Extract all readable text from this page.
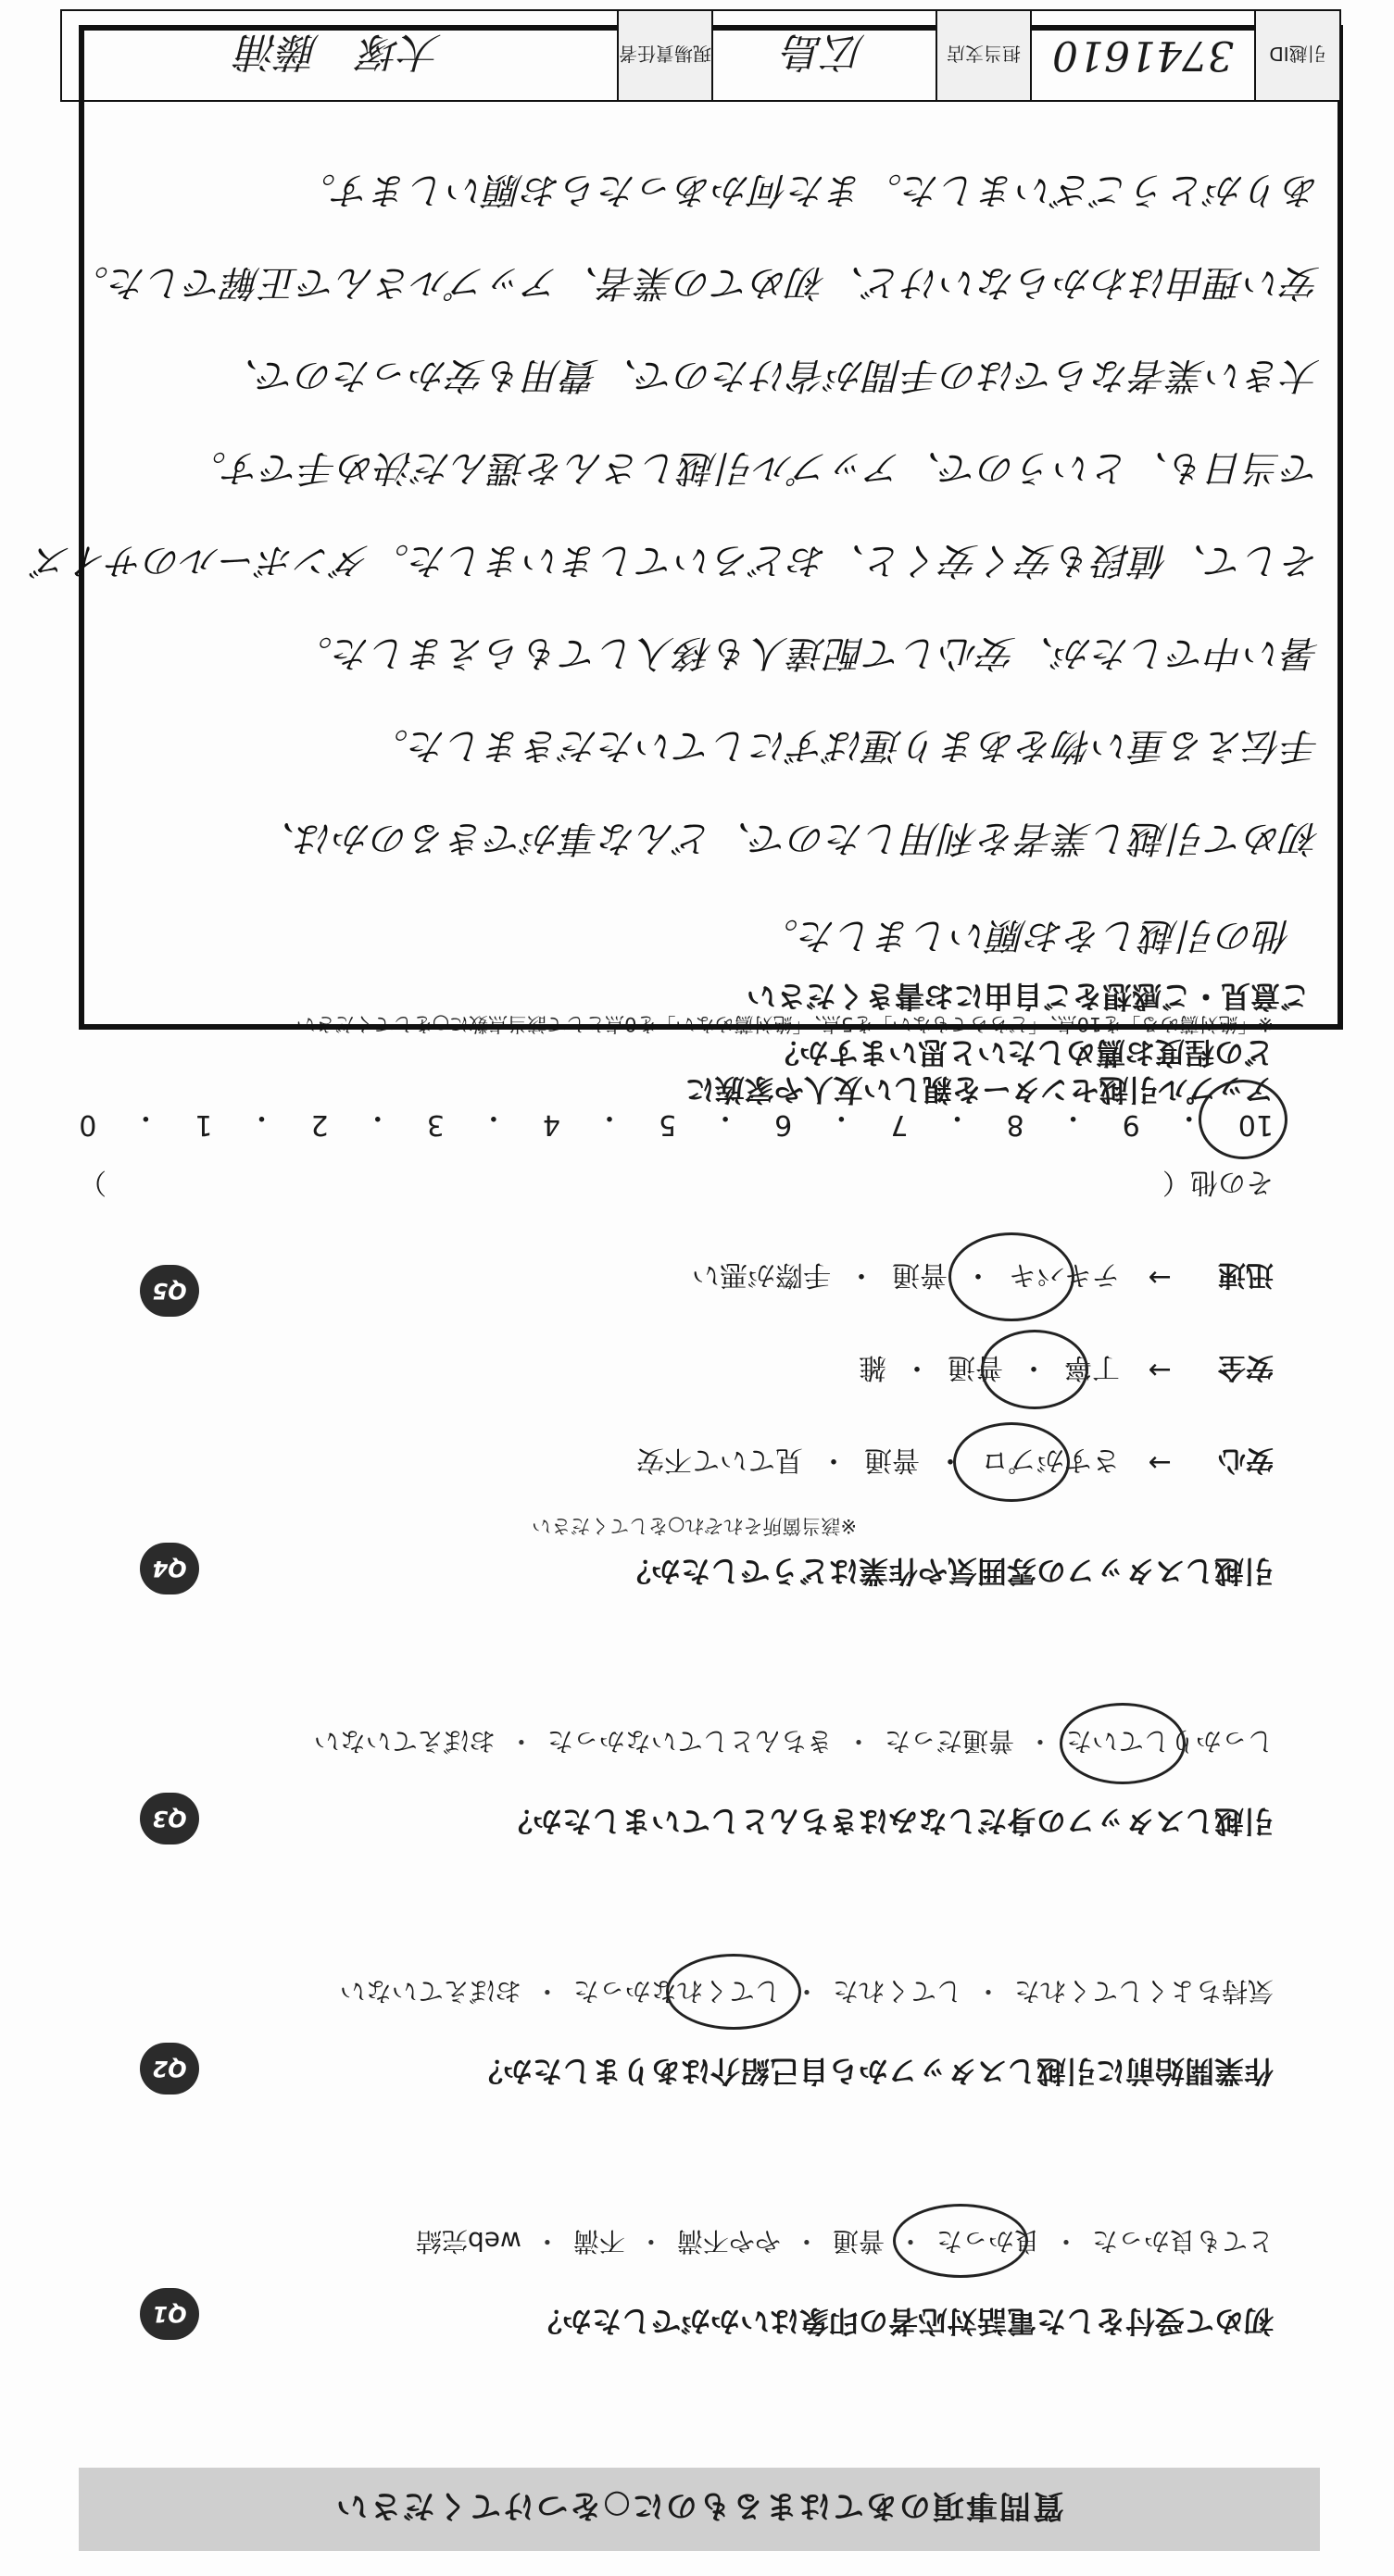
質問事項のあてはまるものに○をつけてください
Q1	初めて受付をした電話対応者の印象はいかがでしたか？
とても良かった
・
良かった
・
普通
・
やや不満
・
不満
・
web完結
Q2	作業開始前に引越しスタッフから自己紹介はありましたか？
気持ちよくしてくれた
・
してくれた
・
してくれなかった
・
おぼえていない
Q3	引越しスタッフの身だしなみはきちんとしていましたか？
しっかりしていた
・
普通だった
・
きちんとしていなかった
・
おぼえていない
Q4	引越しスタッフの雰囲気や作業はどうでしたか？
※該当箇所それぞれ○をしてください
安心
→
さすがプロ
・
普通
・
見ていて不安
安全
→
丁寧
・
普通
・
雑
迅速
→
テキパキ
・
普通
・
手際が悪い
その他（
）
Q5
アップル引越センターを親しい友人や家族に
どの程度お薦めしたいと思いますか？
※「絶対薦める」を10点、「どちらでもない」を5点、「絶対薦めない」を0点として該当点数に○をしてください
10
・
9
・
8
・
7
・
6
・
5
・
4
・
3
・
2
・
1
・
0
ご意見・ご感想をご自由にお書きください
他の引越しをお願いしました。
初めて引越し業者を利用したので、どんな事ができるのかは、
手伝える重い物をあまり運ばずにしていただきました。
暑い中でしたが、安心して配達人も移入してもらえました。
そして、値段も安く安くと、おどろいてしまいました。ダンボールのサイズ
で当日も、というので、アップル引越しさんを選んだ決め手です。
大きい業者ならではの手間が省けたので、費用も安かったので、
安い理由はわからないけど、初めての業者、アップルさんで正解でした。
ありがとうございました。また何かあったらお願いします。
引越ID
3741610
担当支店
広島
現場責任者
大塚　藤浦
